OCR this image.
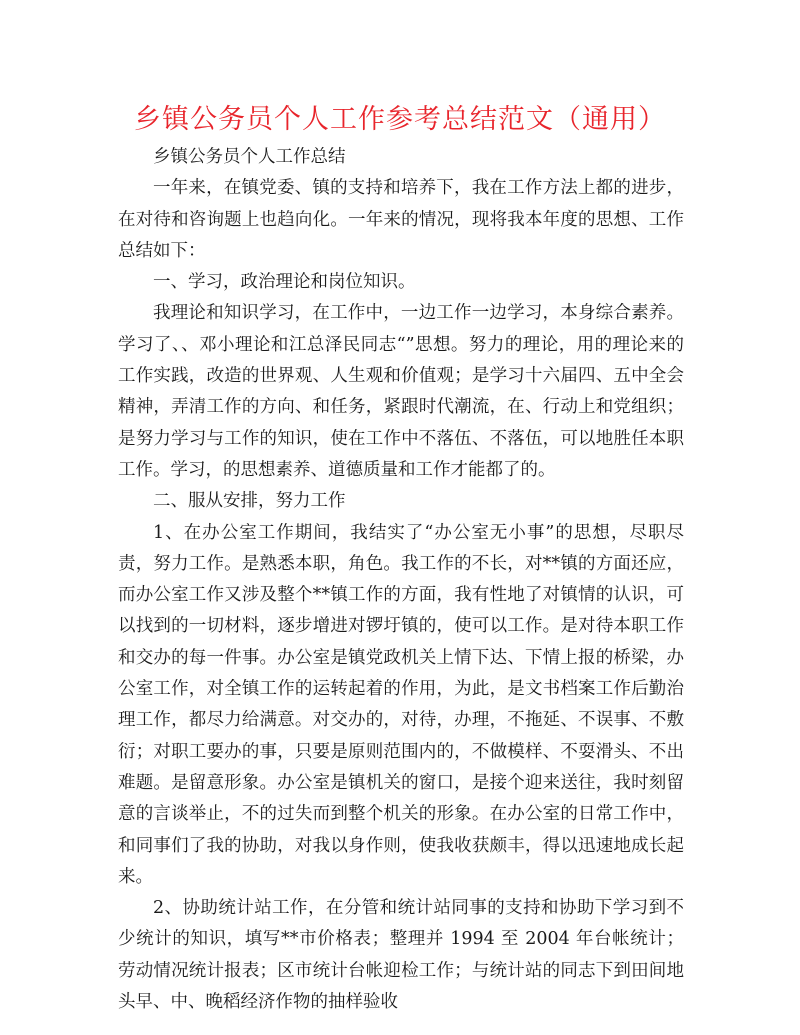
乡镇公务员个人工作参考总结范文（通用）

乡镇公务员个人工作总结

一年来，在镇党委、镇的支持和培养下，我在工作方法上都的进步，在对待和咨询题上也趋向化。一年来的情况，现将我本年度的思想、工作总结如下：

一、学习，政治理论和岗位知识。

我理论和知识学习，在工作中，一边工作一边学习，本身综合素养。学习了、、邓小理论和江总泽民同志“”思想。努力的理论，用的理论来的工作实践，改造的世界观、人生观和价值观；是学习十六届四、五中全会精神，弄清工作的方向、和任务，紧跟时代潮流，在、行动上和党组织；是努力学习与工作的知识，使在工作中不落伍、不落伍，可以地胜任本职工作。学习，的思想素养、道德质量和工作才能都了的。

二、服从安排，努力工作

1、在办公室工作期间，我结实了“办公室无小事”的思想，尽职尽责，努力工作。是熟悉本职，角色。我工作的不长，对**镇的方面还应，而办公室工作又涉及整个**镇工作的方面，我有性地了对镇情的认识，可以找到的一切材料，逐步增进对锣圩镇的，使可以工作。是对待本职工作和交办的每一件事。办公室是镇党政机关上情下达、下情上报的桥梁，办公室工作，对全镇工作的运转起着的作用，为此，是文书档案工作后勤治理工作，都尽力给满意。对交办的，对待，办理，不拖延、不误事、不敷衍；对职工要办的事，只要是原则范围内的，不做模样、不耍滑头、不出难题。是留意形象。办公室是镇机关的窗口，是接个迎来送往，我时刻留意的言谈举止，不的过失而到整个机关的形象。在办公室的日常工作中，和同事们了我的协助，对我以身作则，使我收获颇丰，得以迅速地成长起来。

2、协助统计站工作，在分管和统计站同事的支持和协助下学习到不少统计的知识，填写**市价格表；整理并 1994 至 2004 年台帐统计；劳动情况统计报表；区市统计台帐迎检工作；与统计站的同志下到田间地头早、中、晚稻经济作物的抽样验收
